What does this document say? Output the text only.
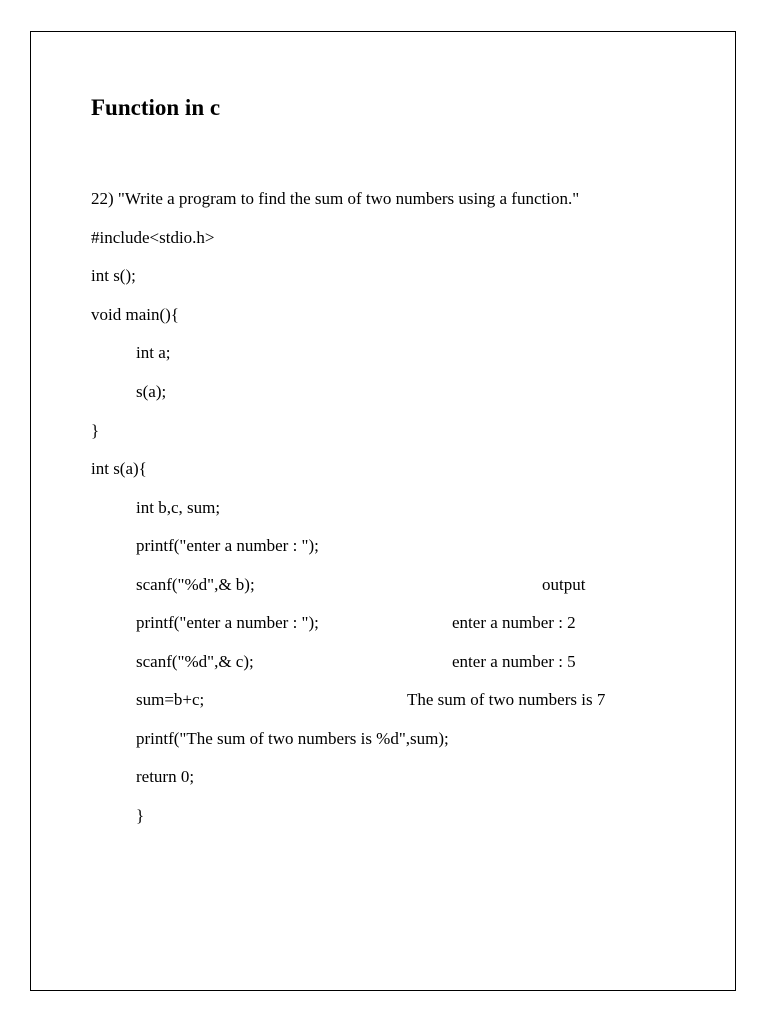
Function in c
22) "Write a program to find the sum of two numbers using a function."
#include<stdio.h>
int s();
void main(){
int a;
s(a);
}
int s(a){
int b,c, sum;
printf("enter a number : ");
scanf("%d",& b);
printf("enter a number : ");
scanf("%d",& c);
sum=b+c;
printf("The sum of two numbers is %d",sum);
return 0;
}
output
enter a number : 2
enter a number : 5
The sum of two numbers is 7
